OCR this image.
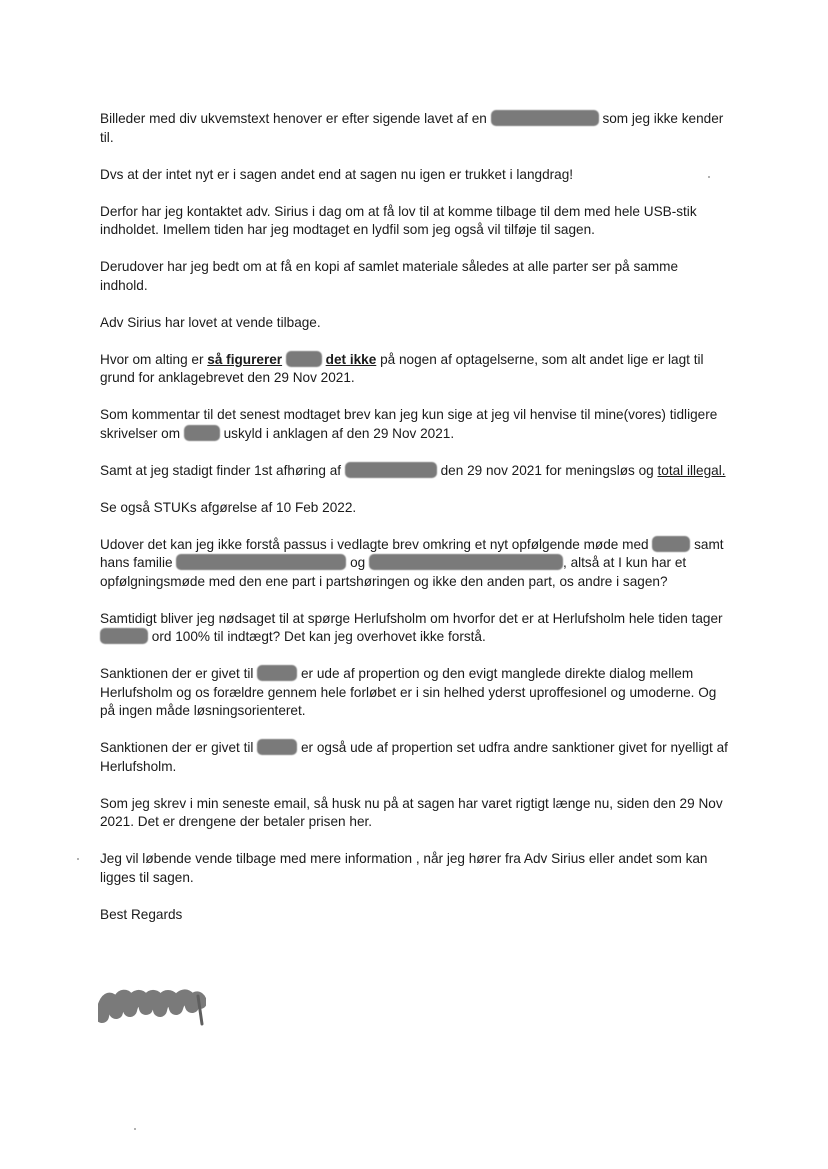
Billeder med div ukvemstext henover er efter sigende lavet af en	som jeg ikke kender til.

Dvs at der intet nyt er i sagen andet end at sagen nu igen er trukket i langdrag!

Derfor har jeg kontaktet adv. Sirius i dag om at få lov til at komme tilbage til dem med hele USB-stik indholdet. Imellem tiden har jeg modtaget en lydfil som jeg også vil tilføje til sagen.

Derudover har jeg bedt om at få en kopi af samlet materiale således at alle parter ser på samme indhold.

Adv Sirius har lovet at vende tilbage.

Hvor om alting er så figurerer	det ikke på nogen af optagelserne, som alt andet lige er lagt til grund for anklagebrevet den 29 Nov 2021.

Som kommentar til det senest modtaget brev kan jeg kun sige at jeg vil henvise til mine(vores) tidligere skrivelser om	uskyld i anklagen af den 29 Nov 2021.

Samt at jeg stadigt finder 1st afhøring af	den 29 nov 2021 for meningsløs og total illegal.

Se også STUKs afgørelse af 10 Feb 2022.

Udover det kan jeg ikke forstå passus i vedlagte brev omkring et nyt opfølgende møde med	samt hans familie	og	, altså at I kun har et opfølgningsmøde med den ene part i partshøringen og ikke den anden part, os andre i sagen?

Samtidigt bliver jeg nødsaget til at spørge Herlufsholm om hvorfor det er at Herlufsholm hele tiden tager  ord 100% til indtægt? Det kan jeg overhovet ikke forstå.

Sanktionen der er givet til	er ude af propertion og den evigt manglede direkte dialog mellem Herlufsholm og os forældre gennem hele forløbet er i sin helhed yderst uproffesionel og umoderne. Og på ingen måde løsningsorienteret.

Sanktionen der er givet til	er også ude af propertion set udfra andre sanktioner givet for nyelligt af Herlufsholm.

Som jeg skrev i min seneste email, så husk nu på at sagen har varet rigtigt længe nu, siden den 29 Nov 2021. Det er drengene der betaler prisen her.

Jeg vil løbende vende tilbage med mere information , når jeg hører fra Adv Sirius eller andet som kan ligges til sagen.

Best Regards
